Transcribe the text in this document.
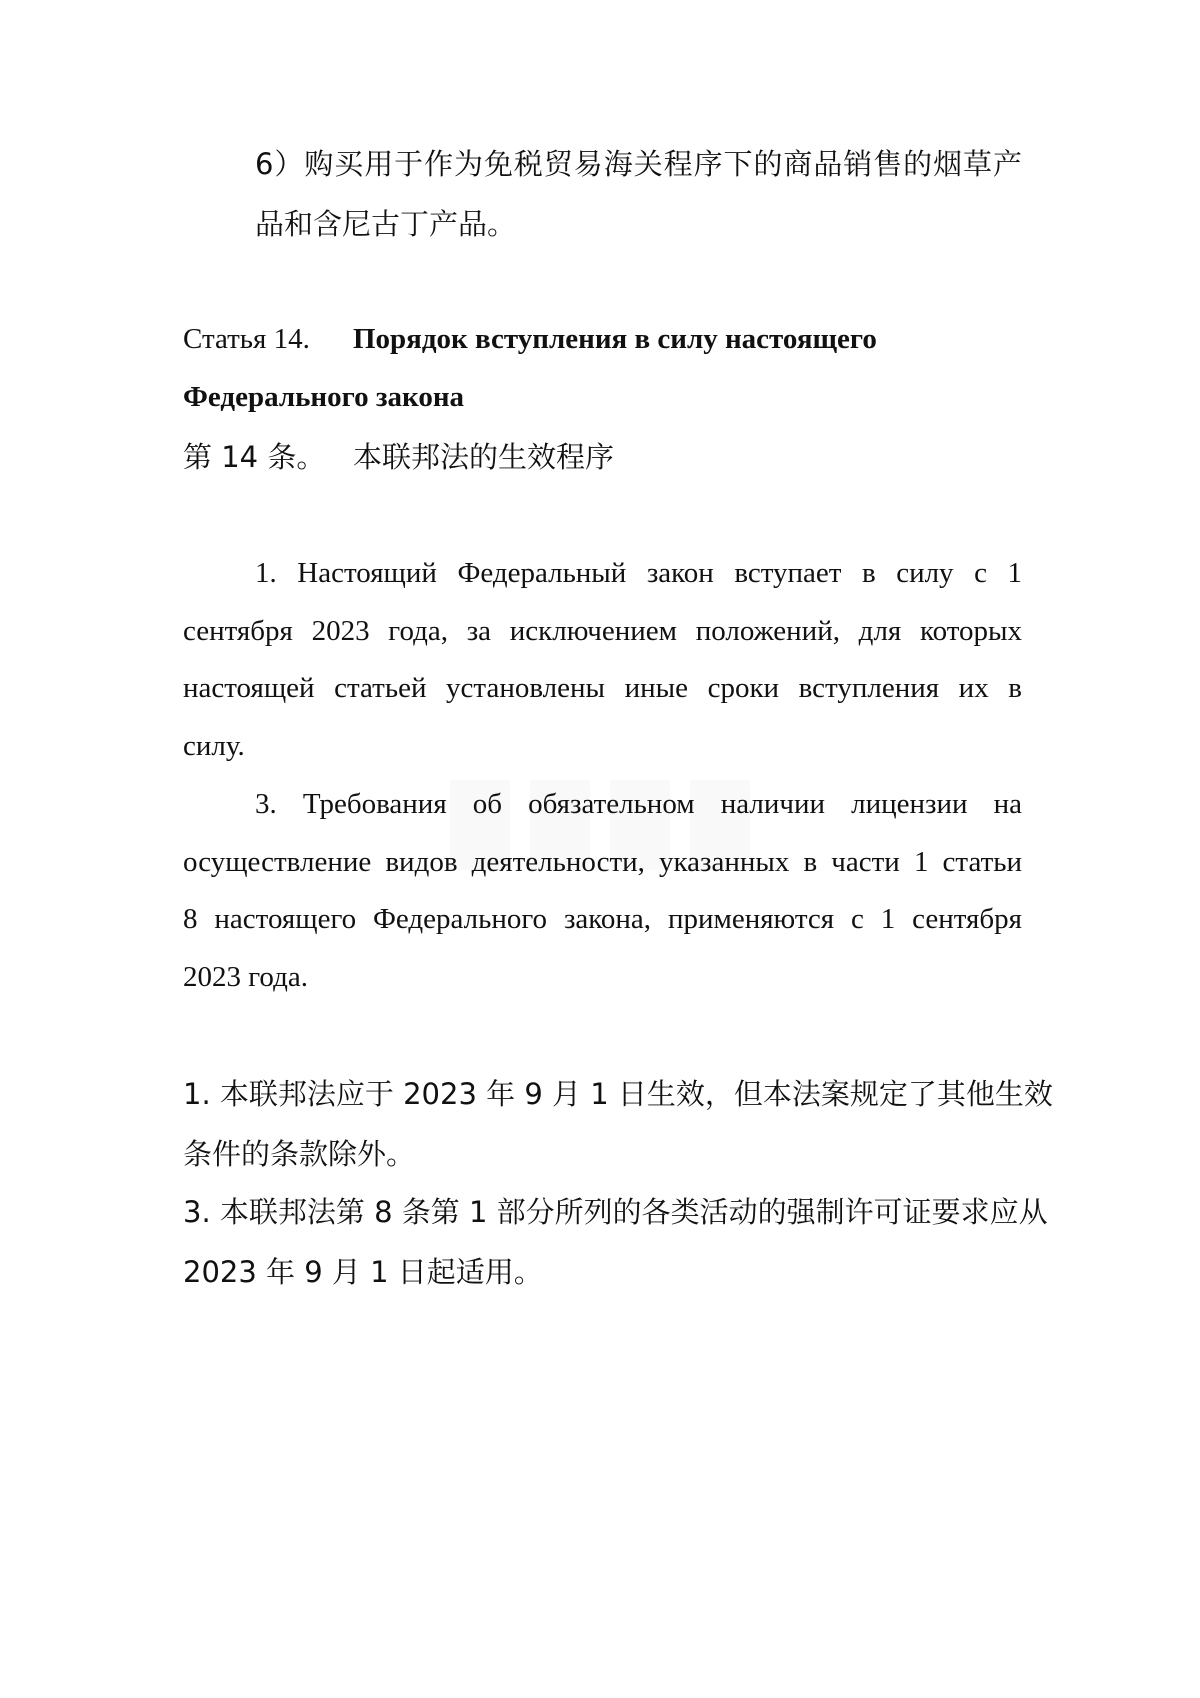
6）购买用于作为免税贸易海关程序下的商品销售的烟草产

品和含尼古丁产品。

Статья 14. Порядок вступления в силу настоящего

Федерального закона

第 14 条。 本联邦法的生效程序

1. Настоящий Федеральный закон вступает в силу с 1

сентября 2023 года, за исключением положений, для которых

настоящей статьей установлены иные сроки вступления их в

силу.

3. Требования об обязательном наличии лицензии на

осуществление видов деятельности, указанных в части 1 статьи

8 настоящего Федерального закона, применяются с 1 сентября

2023 года.

1. 本联邦法应于 2023 年 9 月 1 日生效，但本法案规定了其他生效

条件的条款除外。

3. 本联邦法第 8 条第 1 部分所列的各类活动的强制许可证要求应从

2023 年 9 月 1 日起适用。
